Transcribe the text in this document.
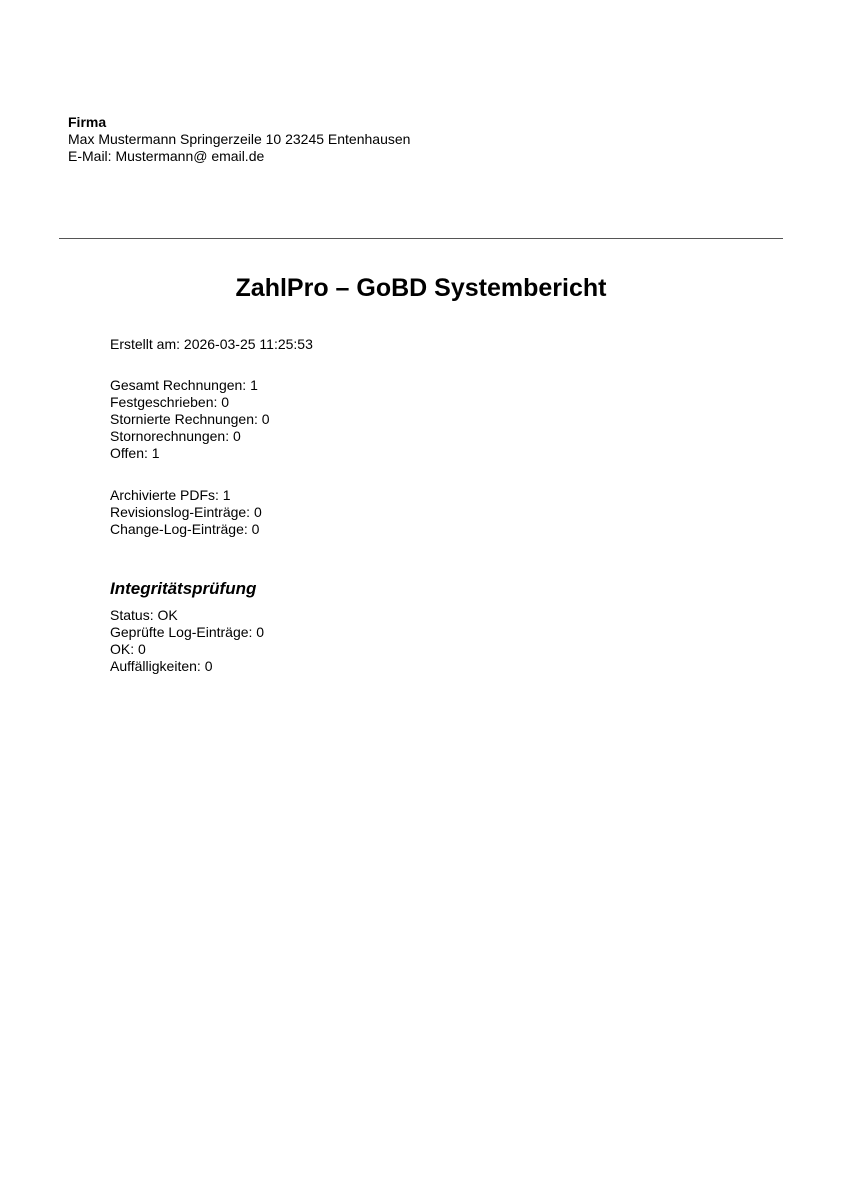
Firma
Max Mustermann Springerzeile 10 23245 Entenhausen
E-Mail: Mustermann@ email.de
ZahlPro – GoBD Systembericht
Erstellt am: 2026-03-25 11:25:53
Gesamt Rechnungen: 1
Festgeschrieben: 0
Stornierte Rechnungen: 0
Stornorechnungen: 0
Offen: 1
Archivierte PDFs: 1
Revisionslog-Einträge: 0
Change-Log-Einträge: 0
Integritätsprüfung
Status: OK
Geprüfte Log-Einträge: 0
OK: 0
Auffälligkeiten: 0
